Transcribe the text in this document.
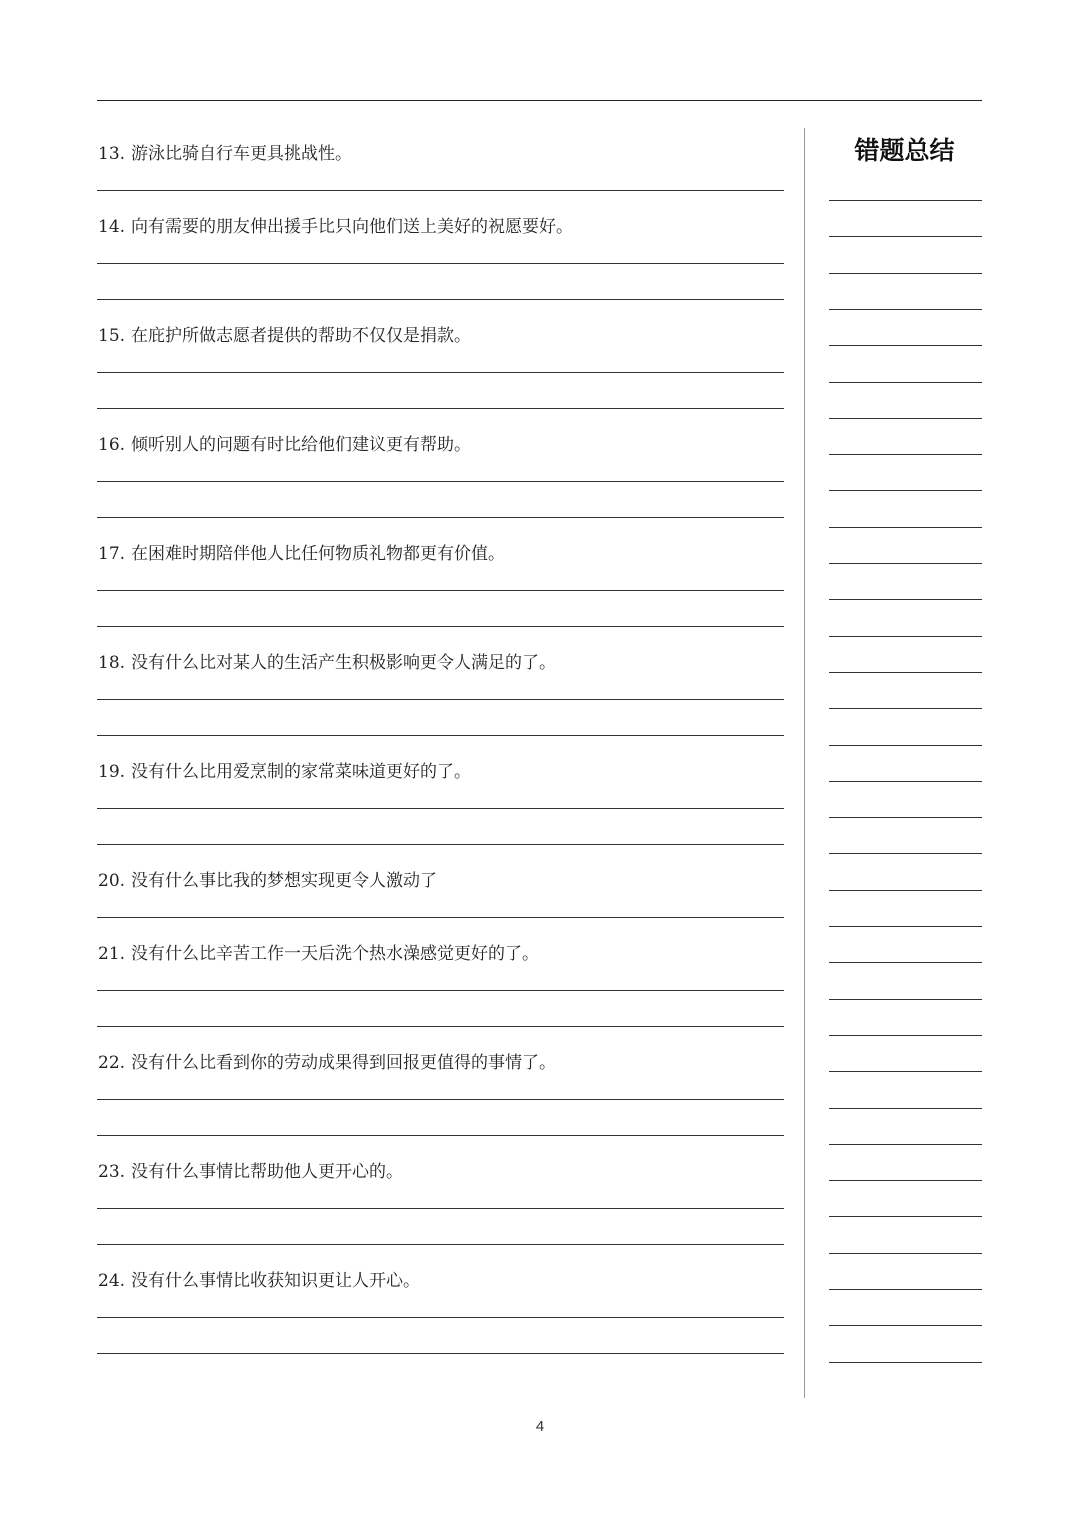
13. 游泳比骑自行车更具挑战性。
14. 向有需要的朋友伸出援手比只向他们送上美好的祝愿要好。
15. 在庇护所做志愿者提供的帮助不仅仅是捐款。
16. 倾听别人的问题有时比给他们建议更有帮助。
17. 在困难时期陪伴他人比任何物质礼物都更有价值。
18. 没有什么比对某人的生活产生积极影响更令人满足的了。
19. 没有什么比用爱烹制的家常菜味道更好的了。
20. 没有什么事比我的梦想实现更令人激动了
21. 没有什么比辛苦工作一天后洗个热水澡感觉更好的了。
22. 没有什么比看到你的劳动成果得到回报更值得的事情了。
23. 没有什么事情比帮助他人更开心的。
24. 没有什么事情比收获知识更让人开心。
错题总结
4
